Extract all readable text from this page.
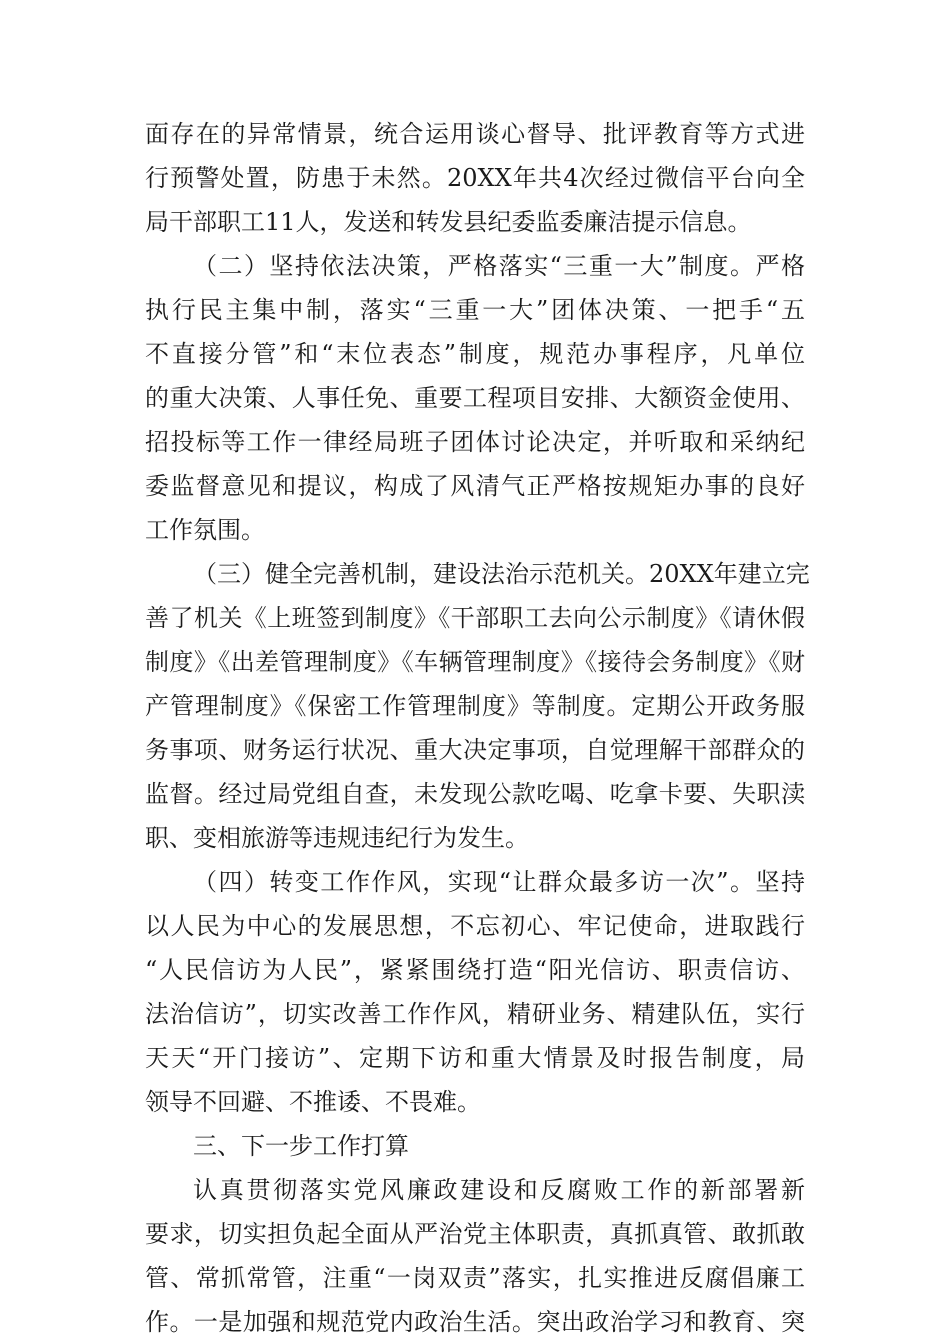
面存在的异常情景，统合运用谈心督导、批评教育等方式进
行预警处置，防患于未然。20XX年共4次经过微信平台向全
局干部职工11人，发送和转发县纪委监委廉洁提示信息。
（二）坚持依法决策，严格落实“三重一大”制度。严格
执行民主集中制，落实“三重一大”团体决策、一把手“五
不直接分管”和“末位表态”制度，规范办事程序，凡单位
的重大决策、人事任免、重要工程项目安排、大额资金使用、
招投标等工作一律经局班子团体讨论决定，并听取和采纳纪
委监督意见和提议，构成了风清气正严格按规矩办事的良好
工作氛围。
（三）健全完善机制，建设法治示范机关。20XX年建立完
善了机关《上班签到制度》《干部职工去向公示制度》《请休假
制度》《出差管理制度》《车辆管理制度》《接待会务制度》《财
产管理制度》《保密工作管理制度》等制度。定期公开政务服
务事项、财务运行状况、重大决定事项，自觉理解干部群众的
监督。经过局党组自查，未发现公款吃喝、吃拿卡要、失职渎
职、变相旅游等违规违纪行为发生。
（四）转变工作作风，实现“让群众最多访一次”。坚持
以人民为中心的发展思想，不忘初心、牢记使命，进取践行
“人民信访为人民”，紧紧围绕打造“阳光信访、职责信访、
法治信访”，切实改善工作作风，精研业务、精建队伍，实行
天天“开门接访”、定期下访和重大情景及时报告制度，局
领导不回避、不推诿、不畏难。
三、下一步工作打算
认真贯彻落实党风廉政建设和反腐败工作的新部署新
要求，切实担负起全面从严治党主体职责，真抓真管、敢抓敢
管、常抓常管，注重“一岗双责”落实，扎实推进反腐倡廉工
作。一是加强和规范党内政治生活。突出政治学习和教育、突
